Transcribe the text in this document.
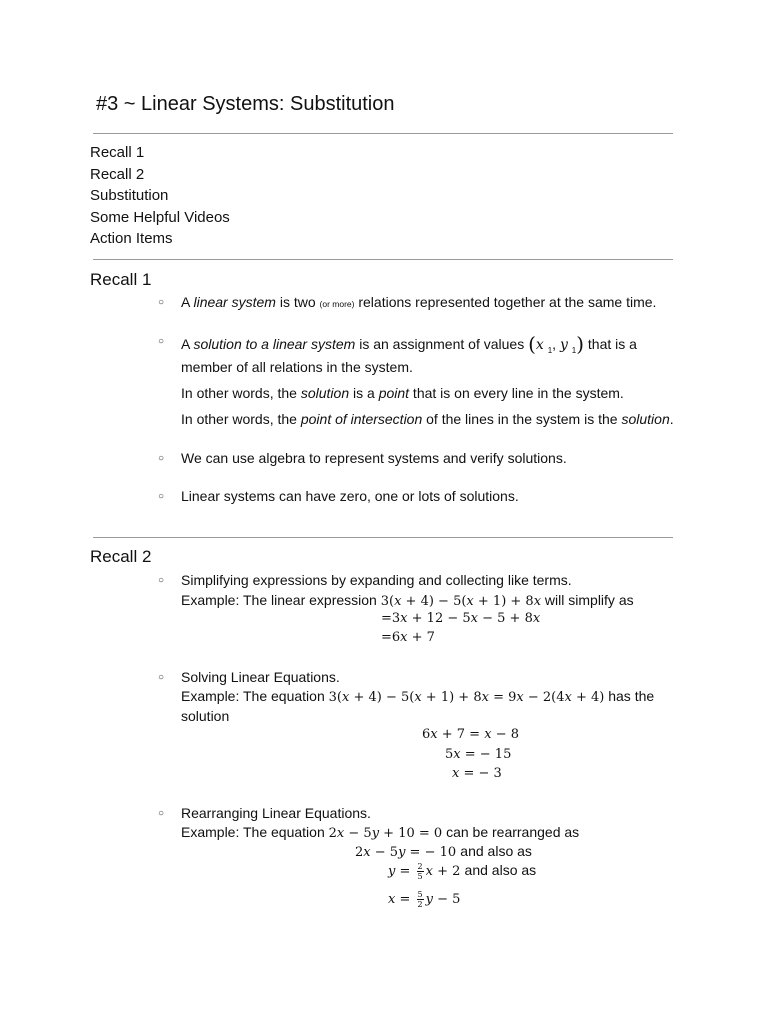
#3 ~ Linear Systems: Substitution
Recall 1
Recall 2
Substitution
Some Helpful Videos
Action Items
Recall 1
○ A linear system is two (or more) relations represented together at the same time.
○ A solution to a linear system is an assignment of values (x $_1$, y $_1$) that is a
member of all relations in the system.
In other words, the solution is a point that is on every line in the system.
In other words, the point of intersection of the lines in the system is the solution.
○ We can use algebra to represent systems and verify solutions.
○ Linear systems can have zero, one or lots of solutions.
Recall 2
○ Simplifying expressions by expanding and collecting like terms.
Example: The linear expression 3(x + 4) − 5(x + 1) + 8x will simplify as
=3x + 12 − 5x − 5 + 8x
=6x + 7
○ Solving Linear Equations.
Example: The equation 3(x + 4) − 5(x + 1) + 8x = 9x − 2(4x + 4) has the
solution
6x + 7 = x − 8
5x = − 15
x = − 3
○ Rearranging Linear Equations.
Example: The equation 2x − 5y + 10 = 0 can be rearranged as
2x − 5y = − 10 and also as
$y = \frac{2}{5}$ x + 2 and also as
$x = \frac{5}{2}$ y − 5
